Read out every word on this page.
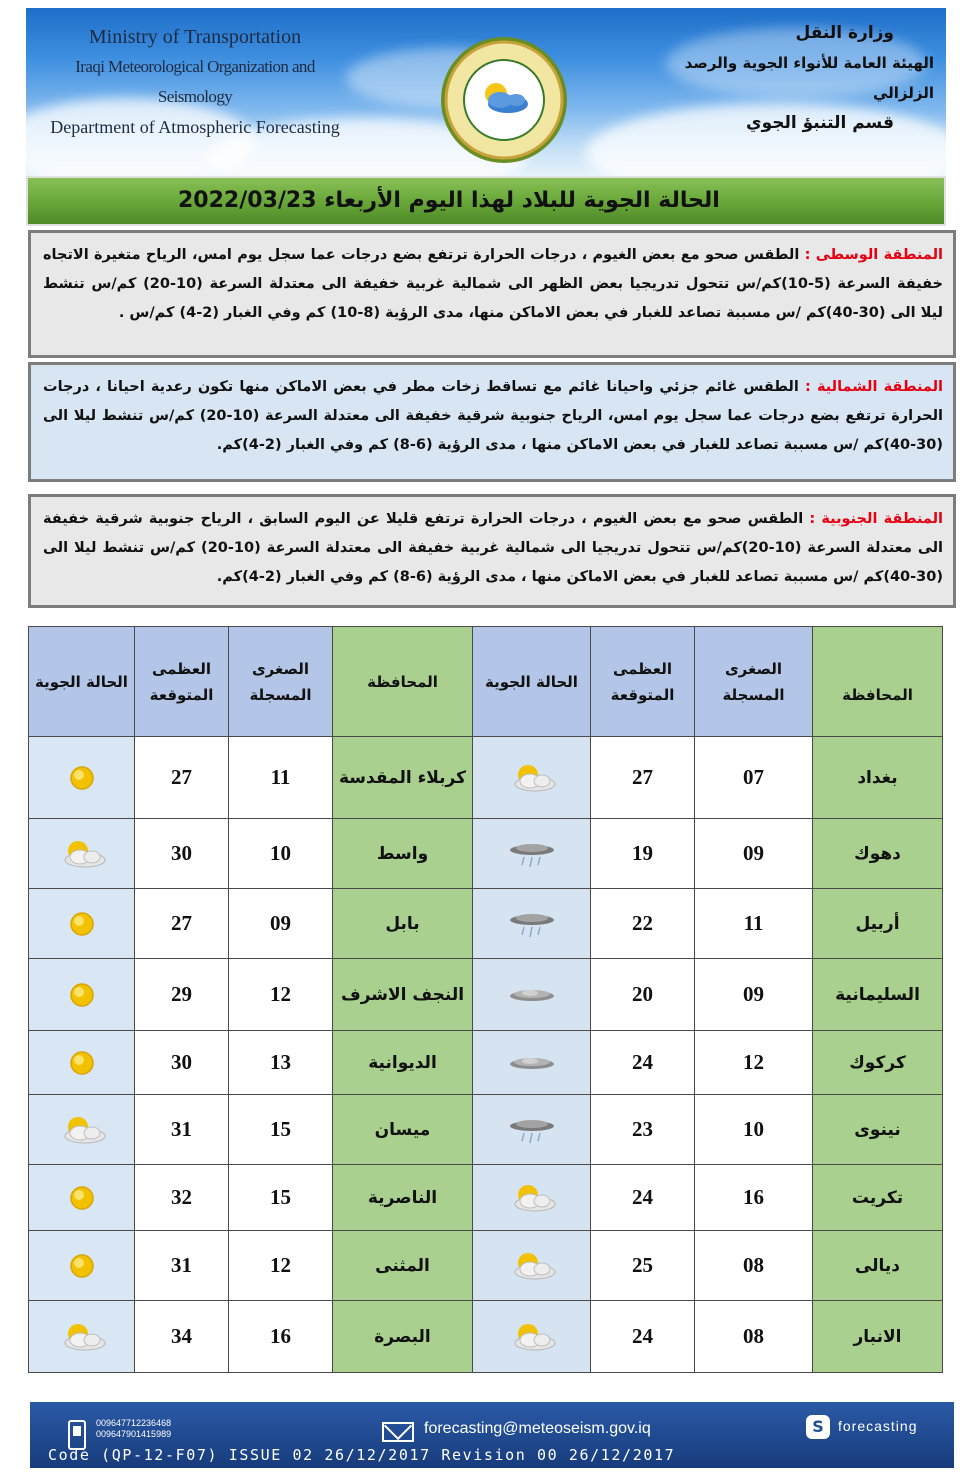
Ministry of Transportation
Iraqi Meteorological Organization and Seismology
Department of Atmospheric Forecasting
وزارة النقل
الهيئة العامة للأنواء الجوية والرصد الزلزالي
قسم التنبؤ الجوي
الحالة الجوية للبلاد لهذا اليوم الأربعاء 2022/03/23
المنطقة الوسطى : الطقس صحو مع بعض الغيوم ، درجات الحرارة ترتفع بضع درجات عما سجل يوم امس، الرياح متغيرة الاتجاه خفيفة السرعة (5-10)كم/س تتحول تدريجيا بعض الظهر الى شمالية غربية خفيفة الى معتدلة السرعة (10-20) كم/س تنشط ليلا الى (30-40)كم /س مسببة تصاعد للغبار في بعض الاماكن منها، مدى الرؤية (8-10) كم وفي الغبار (2-4) كم/س .
المنطقة الشمالية : الطقس غائم جزئي واحيانا غائم مع تساقط زخات مطر في بعض الاماكن منها تكون رعدية احيانا ، درجات الحرارة ترتفع بضع درجات عما سجل يوم امس، الرياح جنوبية شرقية خفيفة الى معتدلة السرعة (10-20) كم/س تنشط ليلا الى (30-40)كم /س مسببة تصاعد للغبار في بعض الاماكن منها ، مدى الرؤية (6-8) كم وفي الغبار (2-4)كم.
المنطقة الجنوبية : الطقس صحو مع بعض الغيوم ، درجات الحرارة ترتفع قليلا عن اليوم السابق ، الرياح جنوبية شرقية خفيفة الى معتدلة السرعة (10-20)كم/س تتحول تدريجيا الى شمالية غربية خفيفة الى معتدلة السرعة (10-20) كم/س تنشط ليلا الى (30-40)كم /س مسببة تصاعد للغبار في بعض الاماكن منها ، مدى الرؤية (6-8) كم وفي الغبار (2-4)كم.
الحالة الجوية	العظمى المتوقعة	الصغرى المسجلة	المحافظة	الحالة الجوية	العظمى المتوقعة	الصغرى المسجلة	المحافظة
	27	11	كربلاء المقدسة		27	07	بغداد
	30	10	واسط		19	09	دهوك
	27	09	بابل		22	11	أربيل
	29	12	النجف الاشرف		20	09	السليمانية
	30	13	الديوانية		24	12	كركوك
	31	15	ميسان		23	10	نينوى
	32	15	الناصرية		24	16	تكريت
	31	12	المثنى		25	08	ديالى
	34	16	البصرة		24	08	الانبار
009647712236468
009647901415989	forecasting@meteoseism.gov.iq	S	forecasting
Code (QP-12-F07) ISSUE 02 26/12/2017 Revision 00 26/12/2017
